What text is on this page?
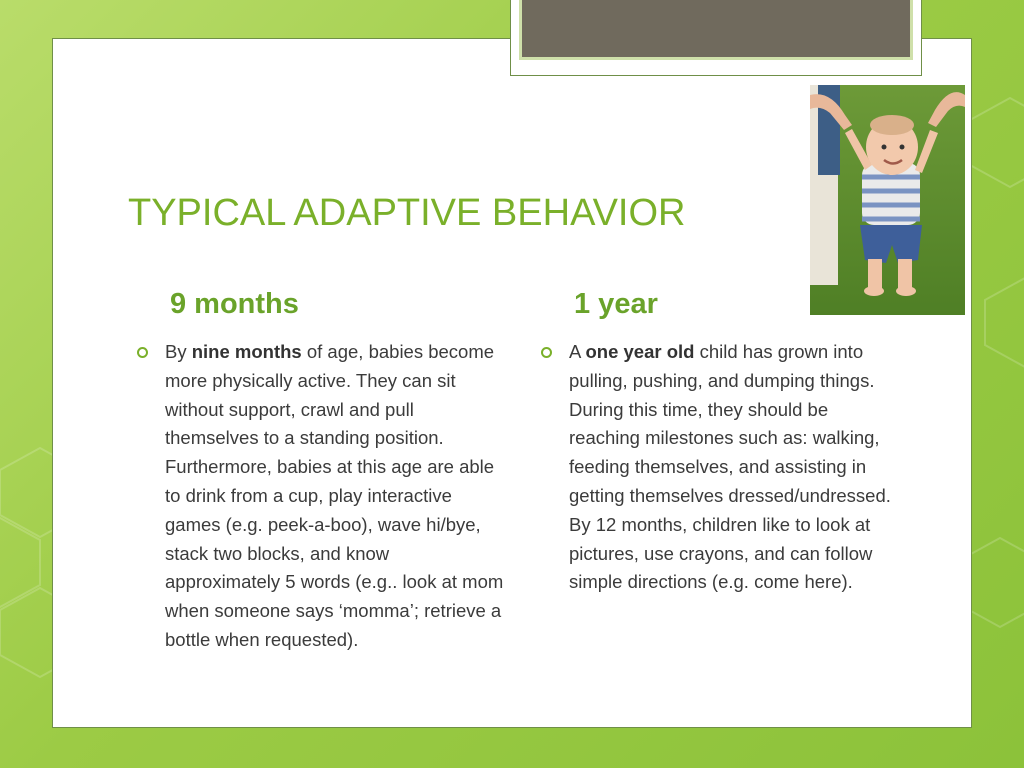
TYPICAL ADAPTIVE BEHAVIOR
9 months	1 year

By nine months of age, babies become more physically active. They can sit without support, crawl and pull themselves to a standing position. Furthermore, babies at this age are able to drink from a cup, play interactive games (e.g. peek-a-boo), wave hi/bye, stack two blocks, and know approximately 5 words (e.g.. look at mom when someone says ‘momma’; retrieve a bottle when requested).

A one year old child has grown into pulling, pushing, and dumping things. During this time, they should be reaching milestones such as: walking, feeding themselves, and assisting in getting themselves dressed/undressed. By 12 months, children like to look at pictures, use crayons, and can follow simple directions (e.g. come here).
